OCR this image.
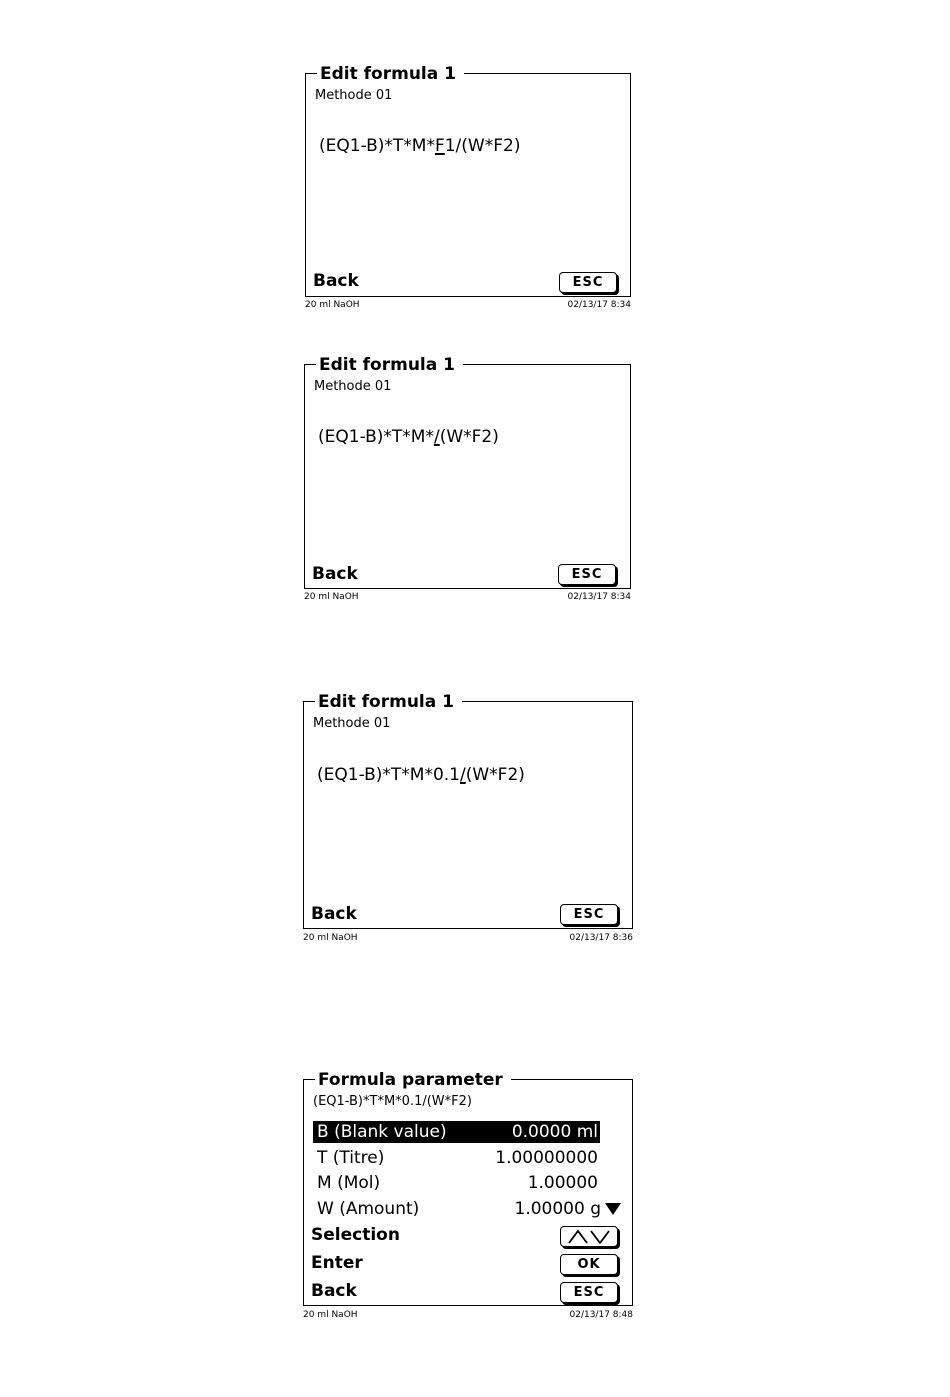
Edit formula 1
Methode 01
(EQ1-B)*T*M*F1/(W*F2)
Back	ESC
20 ml NaOH	02/13/17 8:34
Edit formula 1
Methode 01
(EQ1-B)*T*M*/(W*F2)
Back	ESC
20 ml NaOH	02/13/17 8:34
Edit formula 1
Methode 01
(EQ1-B)*T*M*0.1/(W*F2)
Back	ESC
20 ml NaOH	02/13/17 8:36
Formula parameter
(EQ1-B)*T*M*0.1/(W*F2)
B (Blank value)	0.0000 ml
T (Titre)	1.00000000
M (Mol)	1.00000
W (Amount)	1.00000 g
Selection
Enter	OK
Back	ESC
20 ml NaOH	02/13/17 8:48
